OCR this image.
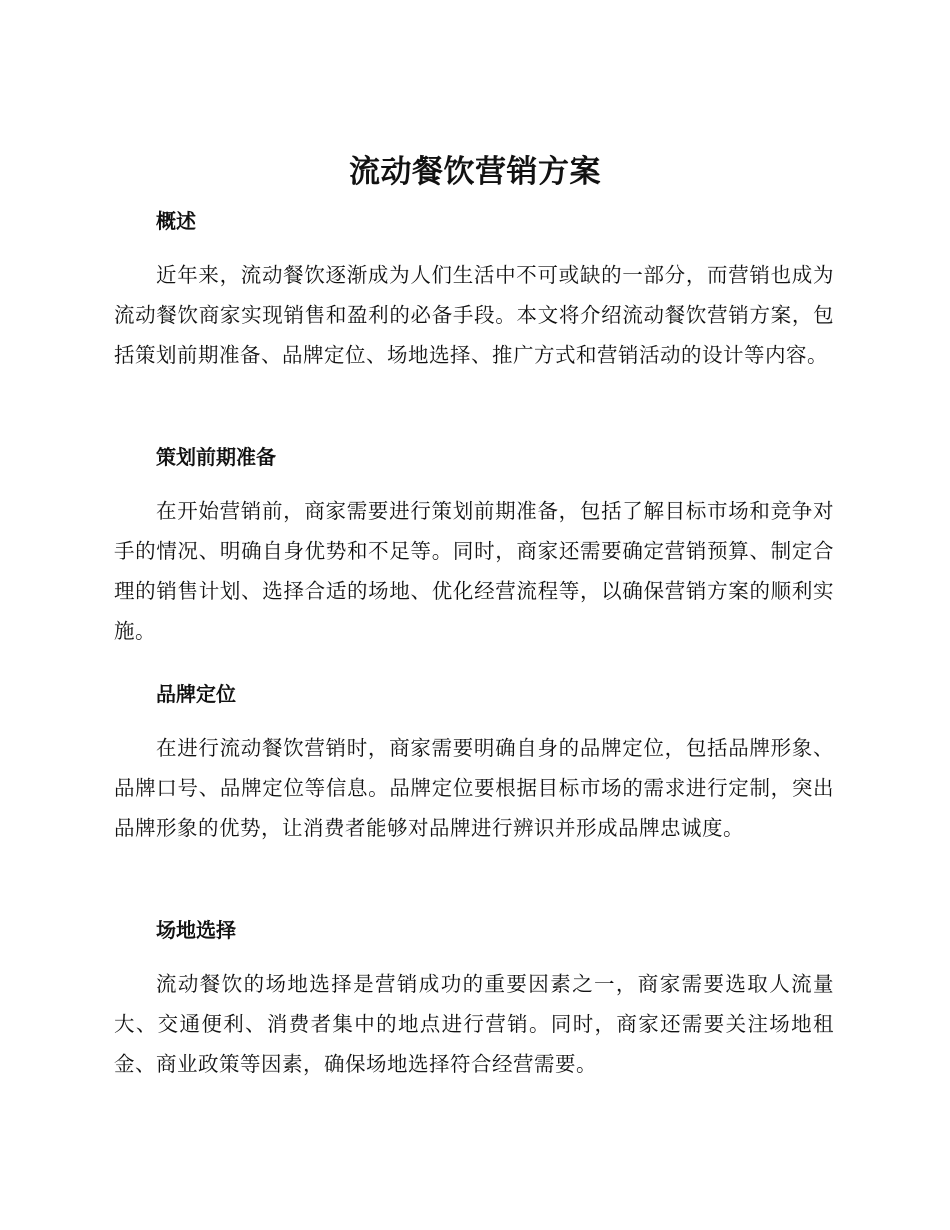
流动餐饮营销方案
概述

近年来，流动餐饮逐渐成为人们生活中不可或缺的一部分，而营销也成为流动餐饮商家实现销售和盈利的必备手段。本文将介绍流动餐饮营销方案，包括策划前期准备、品牌定位、场地选择、推广方式和营销活动的设计等内容。

策划前期准备

在开始营销前，商家需要进行策划前期准备，包括了解目标市场和竞争对手的情况、明确自身优势和不足等。同时，商家还需要确定营销预算、制定合理的销售计划、选择合适的场地、优化经营流程等，以确保营销方案的顺利实施。

品牌定位

在进行流动餐饮营销时，商家需要明确自身的品牌定位，包括品牌形象、品牌口号、品牌定位等信息。品牌定位要根据目标市场的需求进行定制，突出品牌形象的优势，让消费者能够对品牌进行辨识并形成品牌忠诚度。

场地选择

流动餐饮的场地选择是营销成功的重要因素之一，商家需要选取人流量大、交通便利、消费者集中的地点进行营销。同时，商家还需要关注场地租金、商业政策等因素，确保场地选择符合经营需要。
